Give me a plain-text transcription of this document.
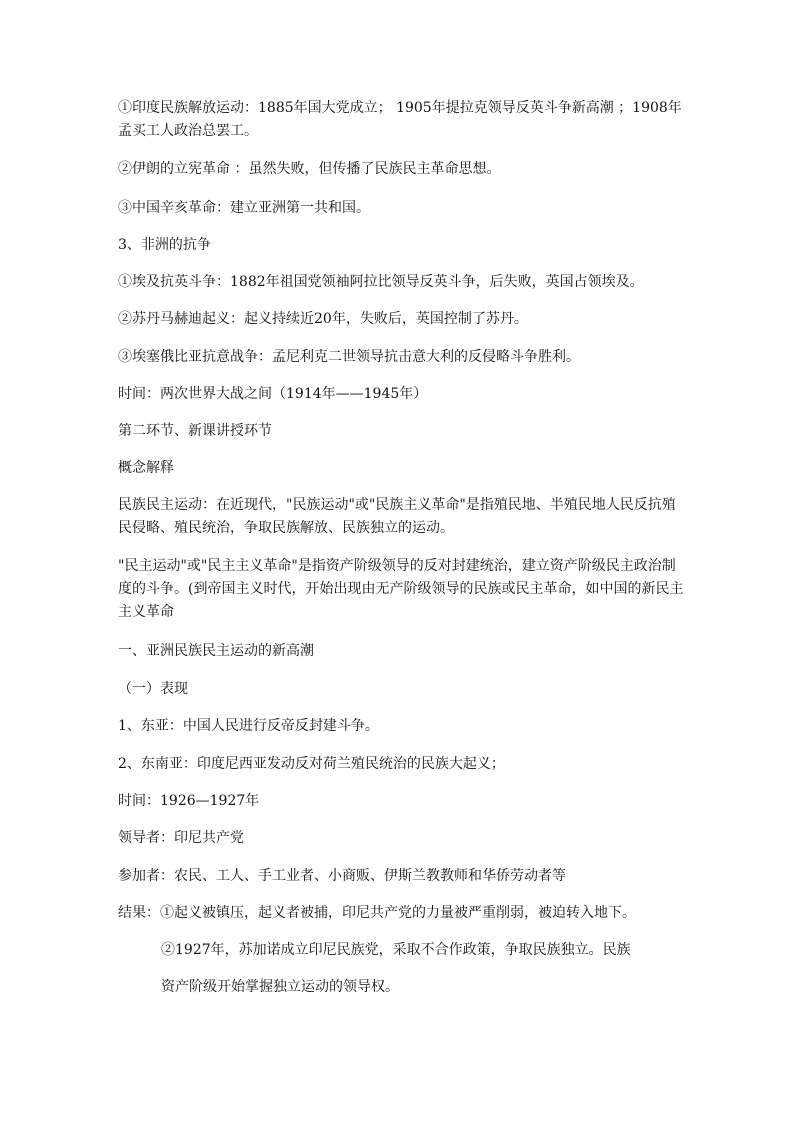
①印度民族解放运动：1885年国大党成立； 1905年提拉克领导反英斗争新高潮 ；1908年孟买工人政治总罢工。
②伊朗的立宪革命 ：虽然失败，但传播了民族民主革命思想。
③中国辛亥革命：建立亚洲第一共和国。
3、非洲的抗争
①埃及抗英斗争：1882年祖国党领袖阿拉比领导反英斗争，后失败，英国占领埃及。
②苏丹马赫迪起义：起义持续近20年，失败后，英国控制了苏丹。
③埃塞俄比亚抗意战争：孟尼利克二世领导抗击意大利的反侵略斗争胜利。
时间：两次世界大战之间（1914年——1945年）
第二环节、新课讲授环节
概念解释
民族民主运动：在近现代，"民族运动"或"民族主义革命"是指殖民地、半殖民地人民反抗殖民侵略、殖民统治，争取民族解放、民族独立的运动。
"民主运动"或"民主主义革命"是指资产阶级领导的反对封建统治，建立资产阶级民主政治制度的斗争。(到帝国主义时代，开始出现由无产阶级领导的民族或民主革命，如中国的新民主主义革命
一、亚洲民族民主运动的新高潮
（一）表现
1、东亚：中国人民进行反帝反封建斗争。
2、东南亚：印度尼西亚发动反对荷兰殖民统治的民族大起义；
时间：1926—1927年
领导者：印尼共产党
参加者：农民、工人、手工业者、小商贩、伊斯兰教教师和华侨劳动者等
结果：①起义被镇压，起义者被捕，印尼共产党的力量被严重削弱，被迫转入地下。
②1927年，苏加诺成立印尼民族党，采取不合作政策，争取民族独立。民族
资产阶级开始掌握独立运动的领导权。
